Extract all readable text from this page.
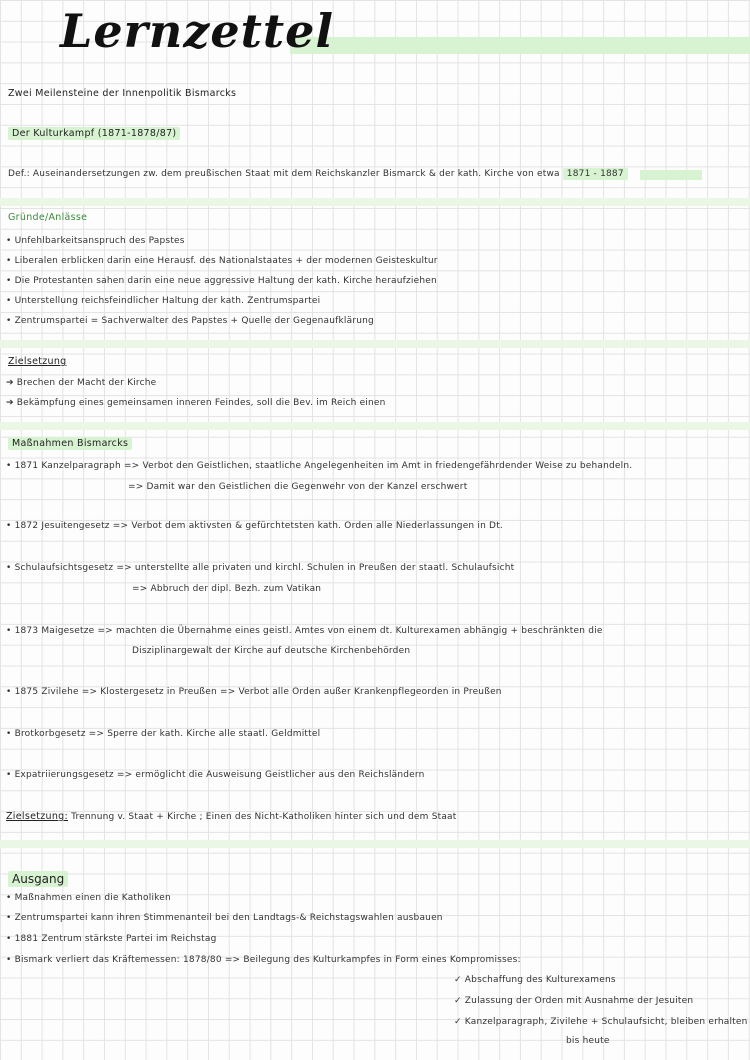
Lernzettel
Zwei Meilensteine der Innenpolitik Bismarcks
Der Kulturkampf (1871-1878/87)
Def.: Auseinandersetzungen zw. dem preußischen Staat mit dem Reichskanzler Bismarck & der kath. Kirche von etwa 1871 - 1887
Gründe/Anlässe
• Unfehlbarkeitsanspruch des Papstes
• Liberalen erblicken darin eine Herausf. des Nationalstaates + der modernen Geisteskultur
• Die Protestanten sahen darin eine neue aggressive Haltung der kath. Kirche heraufziehen
• Unterstellung reichsfeindlicher Haltung der kath. Zentrumspartei
• Zentrumspartei = Sachverwalter des Papstes + Quelle der Gegenaufklärung
Zielsetzung
➔ Brechen der Macht der Kirche
➔ Bekämpfung eines gemeinsamen inneren Feindes, soll die Bev. im Reich einen
Maßnahmen Bismarcks
• 1871 Kanzelparagraph => Verbot den Geistlichen, staatliche Angelegenheiten im Amt in friedengefährdender Weise zu behandeln.
=> Damit war den Geistlichen die Gegenwehr von der Kanzel erschwert
• 1872 Jesuitengesetz => Verbot dem aktivsten & gefürchtetsten kath. Orden alle Niederlassungen in Dt.
• Schulaufsichtsgesetz => unterstellte alle privaten und kirchl. Schulen in Preußen der staatl. Schulaufsicht
=> Abbruch der dipl. Bezh. zum Vatikan
• 1873 Maigesetze => machten die Übernahme eines geistl. Amtes von einem dt. Kulturexamen abhängig + beschränkten die
Disziplinargewalt der Kirche auf deutsche Kirchenbehörden
• 1875 Zivilehe => Klostergesetz in Preußen => Verbot alle Orden außer Krankenpflegeorden in Preußen
• Brotkorbgesetz => Sperre der kath. Kirche alle staatl. Geldmittel
• Expatriierungsgesetz => ermöglicht die Ausweisung Geistlicher aus den Reichsländern
Zielsetzung: Trennung v. Staat + Kirche ; Einen des Nicht-Katholiken hinter sich und dem Staat
Ausgang
• Maßnahmen einen die Katholiken
• Zentrumspartei kann ihren Stimmenanteil bei den Landtags-& Reichstagswahlen ausbauen
• 1881 Zentrum stärkste Partei im Reichstag
• Bismark verliert das Kräftemessen: 1878/80 => Beilegung des Kulturkampfes in Form eines Kompromisses:
✓ Abschaffung des Kulturexamens
✓ Zulassung der Orden mit Ausnahme der Jesuiten
✓ Kanzelparagraph, Zivilehe + Schulaufsicht, bleiben erhalten
bis heute
